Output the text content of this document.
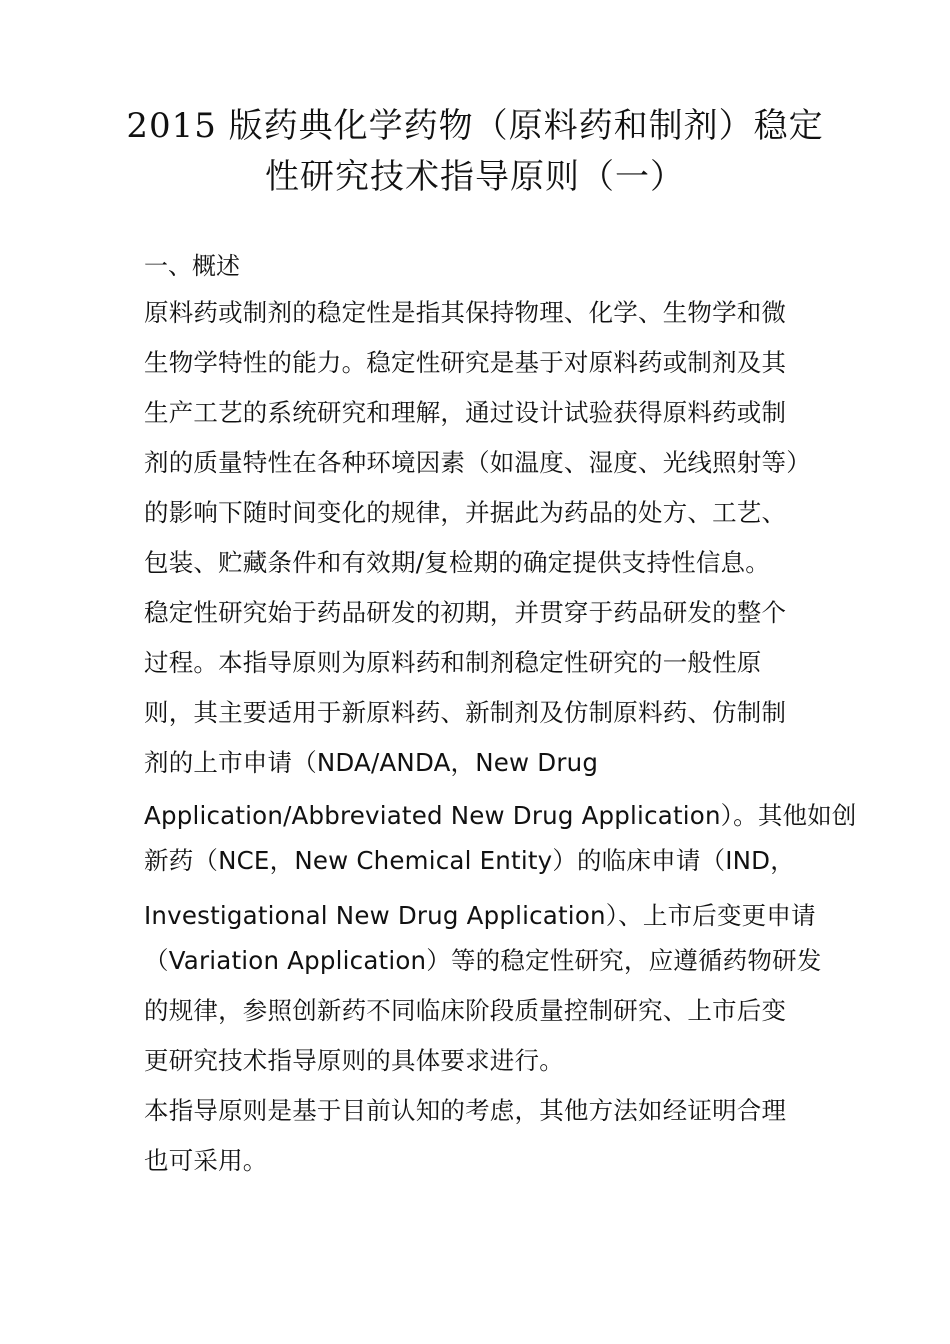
2015 版药典化学药物（原料药和制剂）稳定
性研究技术指导原则（一）
一、概述
原料药或制剂的稳定性是指其保持物理、化学、生物学和微
生物学特性的能力。稳定性研究是基于对原料药或制剂及其
生产工艺的系统研究和理解，通过设计试验获得原料药或制
剂的质量特性在各种环境因素（如温度、湿度、光线照射等）
的影响下随时间变化的规律，并据此为药品的处方、工艺、
包装、贮藏条件和有效期/复检期的确定提供支持性信息。
稳定性研究始于药品研发的初期，并贯穿于药品研发的整个
过程。本指导原则为原料药和制剂稳定性研究的一般性原
则，其主要适用于新原料药、新制剂及仿制原料药、仿制制
剂的上市申请（NDA/ANDA，New Drug
Application/Abbreviated New Drug Application）。其他如创
新药（NCE，New Chemical Entity）的临床申请（IND，
Investigational New Drug Application）、上市后变更申请
（Variation Application）等的稳定性研究，应遵循药物研发
的规律，参照创新药不同临床阶段质量控制研究、上市后变
更研究技术指导原则的具体要求进行。
本指导原则是基于目前认知的考虑，其他方法如经证明合理
也可采用。
